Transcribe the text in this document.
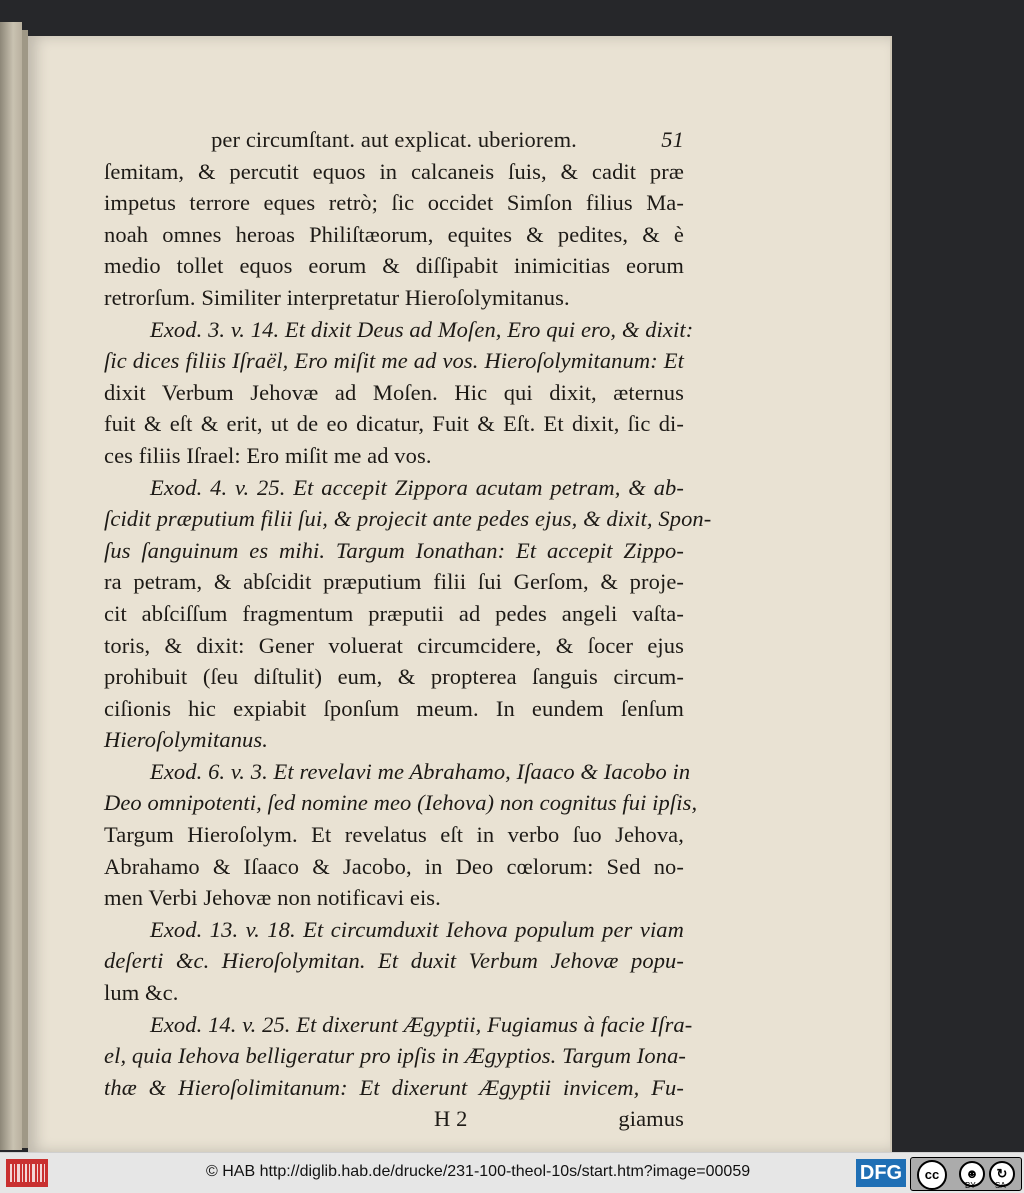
per circumſtant. aut explicat. uberiorem.	51
ſemitam, & percutit equos in calcaneis ſuis, & cadit præ
impetus terrore eques retrò; ſic occidet Simſon filius Ma-
noah omnes heroas Philiſtæorum, equites & pedites, & è
medio tollet equos eorum & diſſipabit inimicitias eorum
retrorſum. Similiter interpretatur Hieroſolymitanus.
Exod. 3. v. 14. Et dixit Deus ad Moſen, Ero qui ero, & dixit:
ſic dices filiis Iſraël, Ero miſit me ad vos. Hieroſolymitanum: Et
dixit Verbum Jehovæ ad Moſen. Hic qui dixit, æternus
fuit & eſt & erit, ut de eo dicatur, Fuit & Eſt. Et dixit, ſic di-
ces filiis Iſrael: Ero miſit me ad vos.
Exod. 4. v. 25. Et accepit Zippora acutam petram, & ab-
ſcidit præputium filii ſui, & projecit ante pedes ejus, & dixit, Spon-
ſus ſanguinum es mihi. Targum Ionathan: Et accepit Zippo-
ra petram, & abſcidit præputium filii ſui Gerſom, & proje-
cit abſciſſum fragmentum præputii ad pedes angeli vaſta-
toris, & dixit: Gener voluerat circumcidere, & ſocer ejus
prohibuit (ſeu diſtulit) eum, & propterea ſanguis circum-
ciſionis hic expiabit ſponſum meum. In eundem ſenſum
Hieroſolymitanus.
Exod. 6. v. 3. Et revelavi me Abrahamo, Iſaaco & Iacobo in
Deo omnipotenti, ſed nomine meo (Iehova) non cognitus fui ipſis,
Targum Hieroſolym. Et revelatus eſt in verbo ſuo Jehova,
Abrahamo & Iſaaco & Jacobo, in Deo cœlorum: Sed no-
men Verbi Jehovæ non notificavi eis.
Exod. 13. v. 18. Et circumduxit Iehova populum per viam
deſerti &c. Hieroſolymitan. Et duxit Verbum Jehovæ popu-
lum &c.
Exod. 14. v. 25. Et dixerunt Ægyptii, Fugiamus à facie Iſra-
el, quia Iehova belligeratur pro ipſis in Ægyptios. Targum Iona-
thæ & Hieroſolimitanum: Et dixerunt Ægyptii invicem, Fu-
H 2	giamus
© HAB http://diglib.hab.de/drucke/231-100-theol-10s/start.htm?image=00059	DFG	cc	☻	↻
BY SA
